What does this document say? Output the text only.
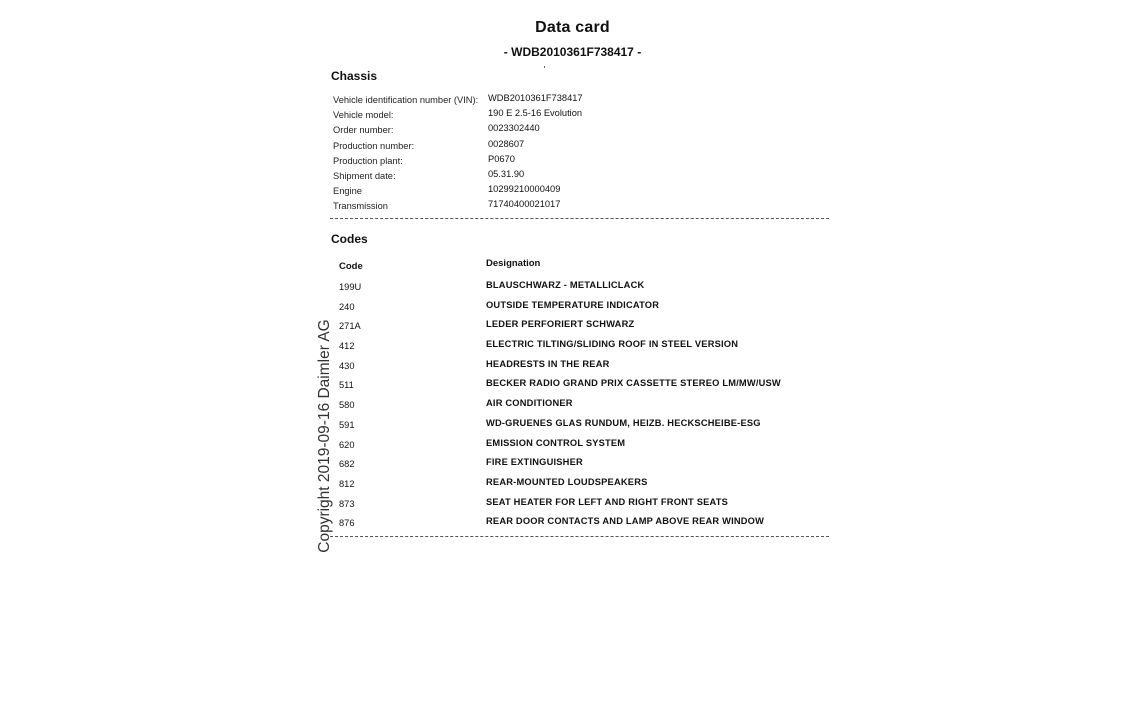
Data card
- WDB2010361F738417 -
Chassis
Vehicle identification number (VIN): WDB2010361F738417
Vehicle model:	190 E 2.5-16 Evolution
Order number:	0023302440
Production number:	0028607
Production plant:	P0670
Shipment date:	05.31.90
Engine	10299210000409
Transmission	71740400021017
Codes
Code	Designation
199U	BLAUSCHWARZ - METALLICLACK
240	OUTSIDE TEMPERATURE INDICATOR
271A	LEDER PERFORIERT SCHWARZ
412	ELECTRIC TILTING/SLIDING ROOF IN STEEL VERSION
430	HEADRESTS IN THE REAR
511	BECKER RADIO GRAND PRIX CASSETTE STEREO LM/MW/USW
580	AIR CONDITIONER
591	WD-GRUENES GLAS RUNDUM, HEIZB. HECKSCHEIBE-ESG
620	EMISSION CONTROL SYSTEM
682	FIRE EXTINGUISHER
812	REAR-MOUNTED LOUDSPEAKERS
873	SEAT HEATER FOR LEFT AND RIGHT FRONT SEATS
876	REAR DOOR CONTACTS AND LAMP ABOVE REAR WINDOW
Copyright 2019-09-16 Daimler AG
